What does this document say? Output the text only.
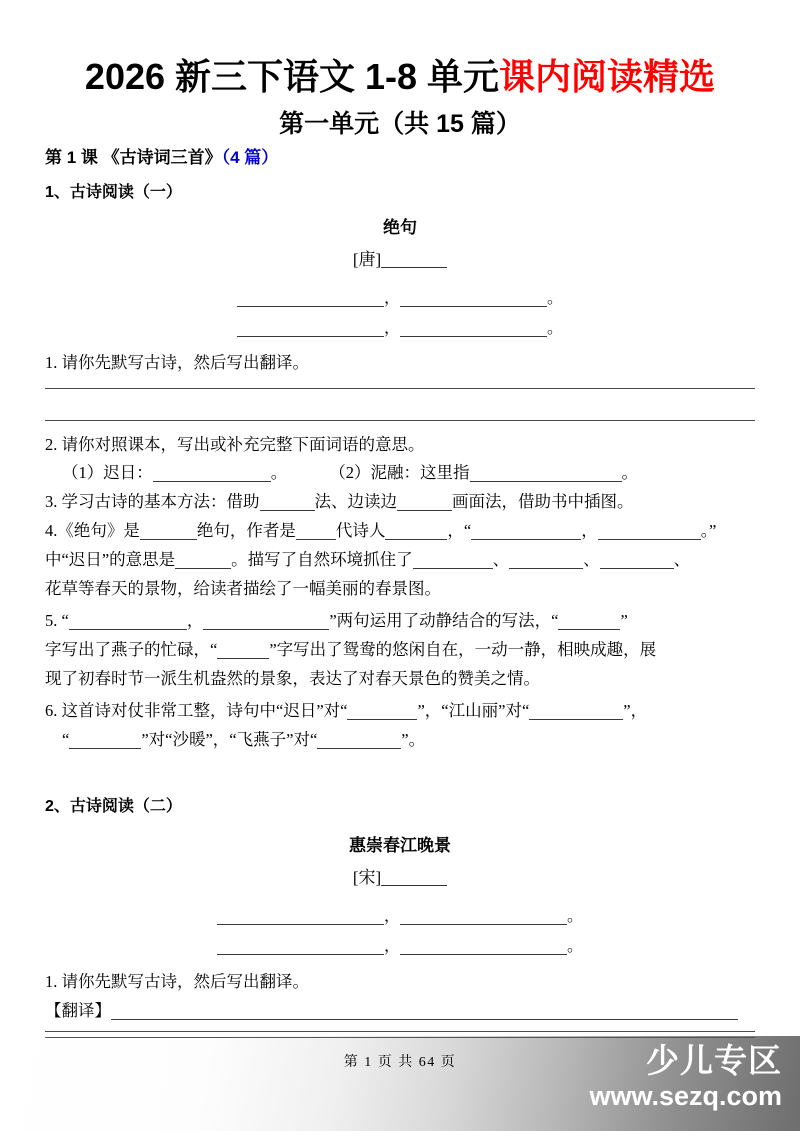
2026 新三下语文 1-8 单元课内阅读精选
第一单元（共 15 篇）
第 1 课 《古诗词三首》（4 篇）
1、古诗阅读（一）
绝句
[唐]
，	。
，	。
1. 请你先默写古诗，然后写出翻译。
2. 请你对照课本，写出或补充完整下面词语的意思。
（1）迟日：	。	（2）泥融：这里指	。
3. 学习古诗的基本方法：借助	法、边读边	画面法，借助书中插图。
4.《绝句》是	绝句，作者是 代诗人	，“	，	。”
中“迟日”的意思是	。描写了自然环境抓住了	、	、	、
花草等春天的景物，给读者描绘了一幅美丽的春景图。
5. “	，	”两句运用了动静结合的写法，“	”
字写出了燕子的忙碌，“	”字写出了鸳鸯的悠闲自在，一动一静，相映成趣，展
现了初春时节一派生机盎然的景象，表达了对春天景色的赞美之情。
6. 这首诗对仗非常工整，诗句中“迟日”对“	”，“江山丽”对“	”，
“	”对“沙暖”，“飞燕子”对“	”。
2、古诗阅读（二）
惠崇春江晚景
[宋]
，	。
，	。
1. 请你先默写古诗，然后写出翻译。
【翻译】
第 1 页 共 64 页	少儿专区
www.sezq.com
